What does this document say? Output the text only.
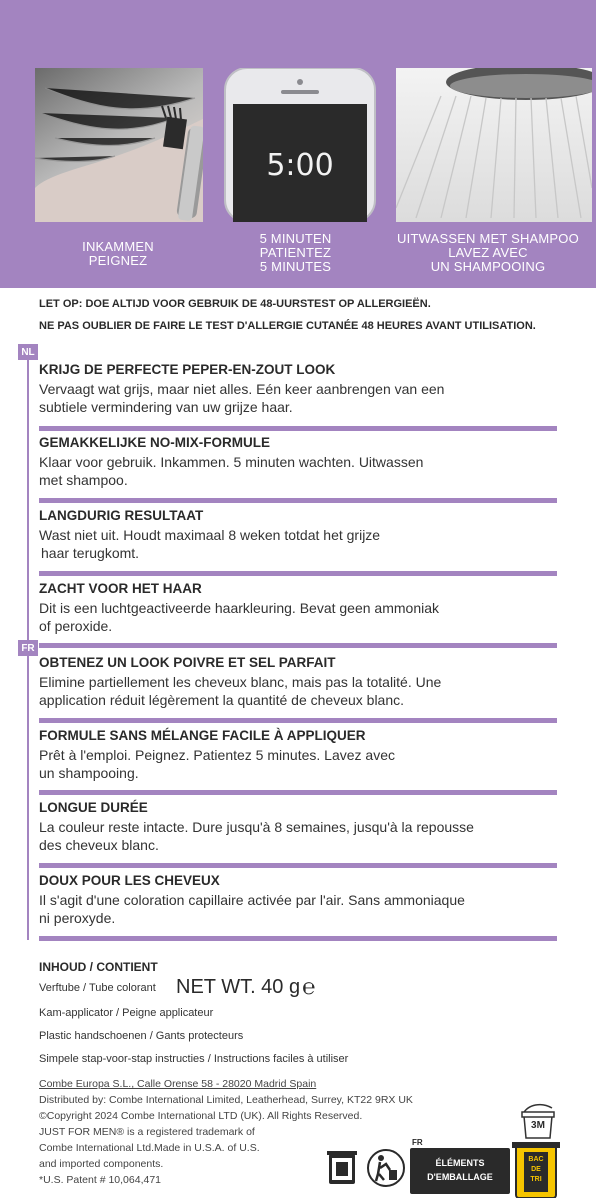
5:00
INKAMMEN
PEIGNEZ
5 MINUTEN
PATIENTEZ
5 MINUTES
UITWASSEN MET SHAMPOO
LAVEZ AVEC
UN SHAMPOOING
LET OP: DOE ALTIJD VOOR GEBRUIK DE 48-UURSTEST OP ALLERGIEËN.
NE PAS OUBLIER DE FAIRE LE TEST D'ALLERGIE CUTANÉE 48 HEURES AVANT UTILISATION.
NL
KRIJG DE PERFECTE PEPER-EN-ZOUT LOOK

Vervaagt wat grijs, maar niet alles. Eén keer aanbrengen van een
subtiele vermindering van uw grijze haar.

GEMAKKELIJKE NO-MIX-FORMULE

Klaar voor gebruik. Inkammen. 5 minuten wachten. Uitwassen
met shampoo.

LANGDURIG RESULTAAT

Wast niet uit. Houdt maximaal 8 weken totdat het grijze
haar terugkomt.

ZACHT VOOR HET HAAR

Dit is een luchtgeactiveerde haarkleuring. Bevat geen ammoniak
of peroxide.

FR
OBTENEZ UN LOOK POIVRE ET SEL PARFAIT

Elimine partiellement les cheveux blanc, mais pas la totalité. Une
application réduit légèrement la quantité de cheveux blanc.

FORMULE SANS MÉLANGE FACILE À APPLIQUER

Prêt à l'emploi. Peignez. Patientez 5 minutes. Lavez avec
un shampooing.

LONGUE DURÉE

La couleur reste intacte. Dure jusqu'à 8 semaines, jusqu'à la repousse
des cheveux blanc.

DOUX POUR LES CHEVEUX

Il s'agit d'une coloration capillaire activée par l'air. Sans ammoniaque
ni peroxyde.

INHOUD / CONTIENT
Verftube / Tube colorant NET WT. 40 g ℮
Kam-applicator / Peigne applicateur
Plastic handschoenen / Gants protecteurs
Simpele stap-voor-stap instructies / Instructions faciles à utiliser
Combe Europa S.L., Calle Orense 58 - 28020 Madrid Spain
Distributed by: Combe International Limited, Leatherhead, Surrey, KT22 9RX UK
©Copyright 2024 Combe International LTD (UK). All Rights Reserved.
JUST FOR MEN® is a registered trademark of
Combe International Ltd.Made in U.S.A. of U.S.
and imported components.
*U.S. Patent # 10,064,471
3M
FR
ÉLÉMENTS
D'EMBALLAGE
BAC
DE
TRI
